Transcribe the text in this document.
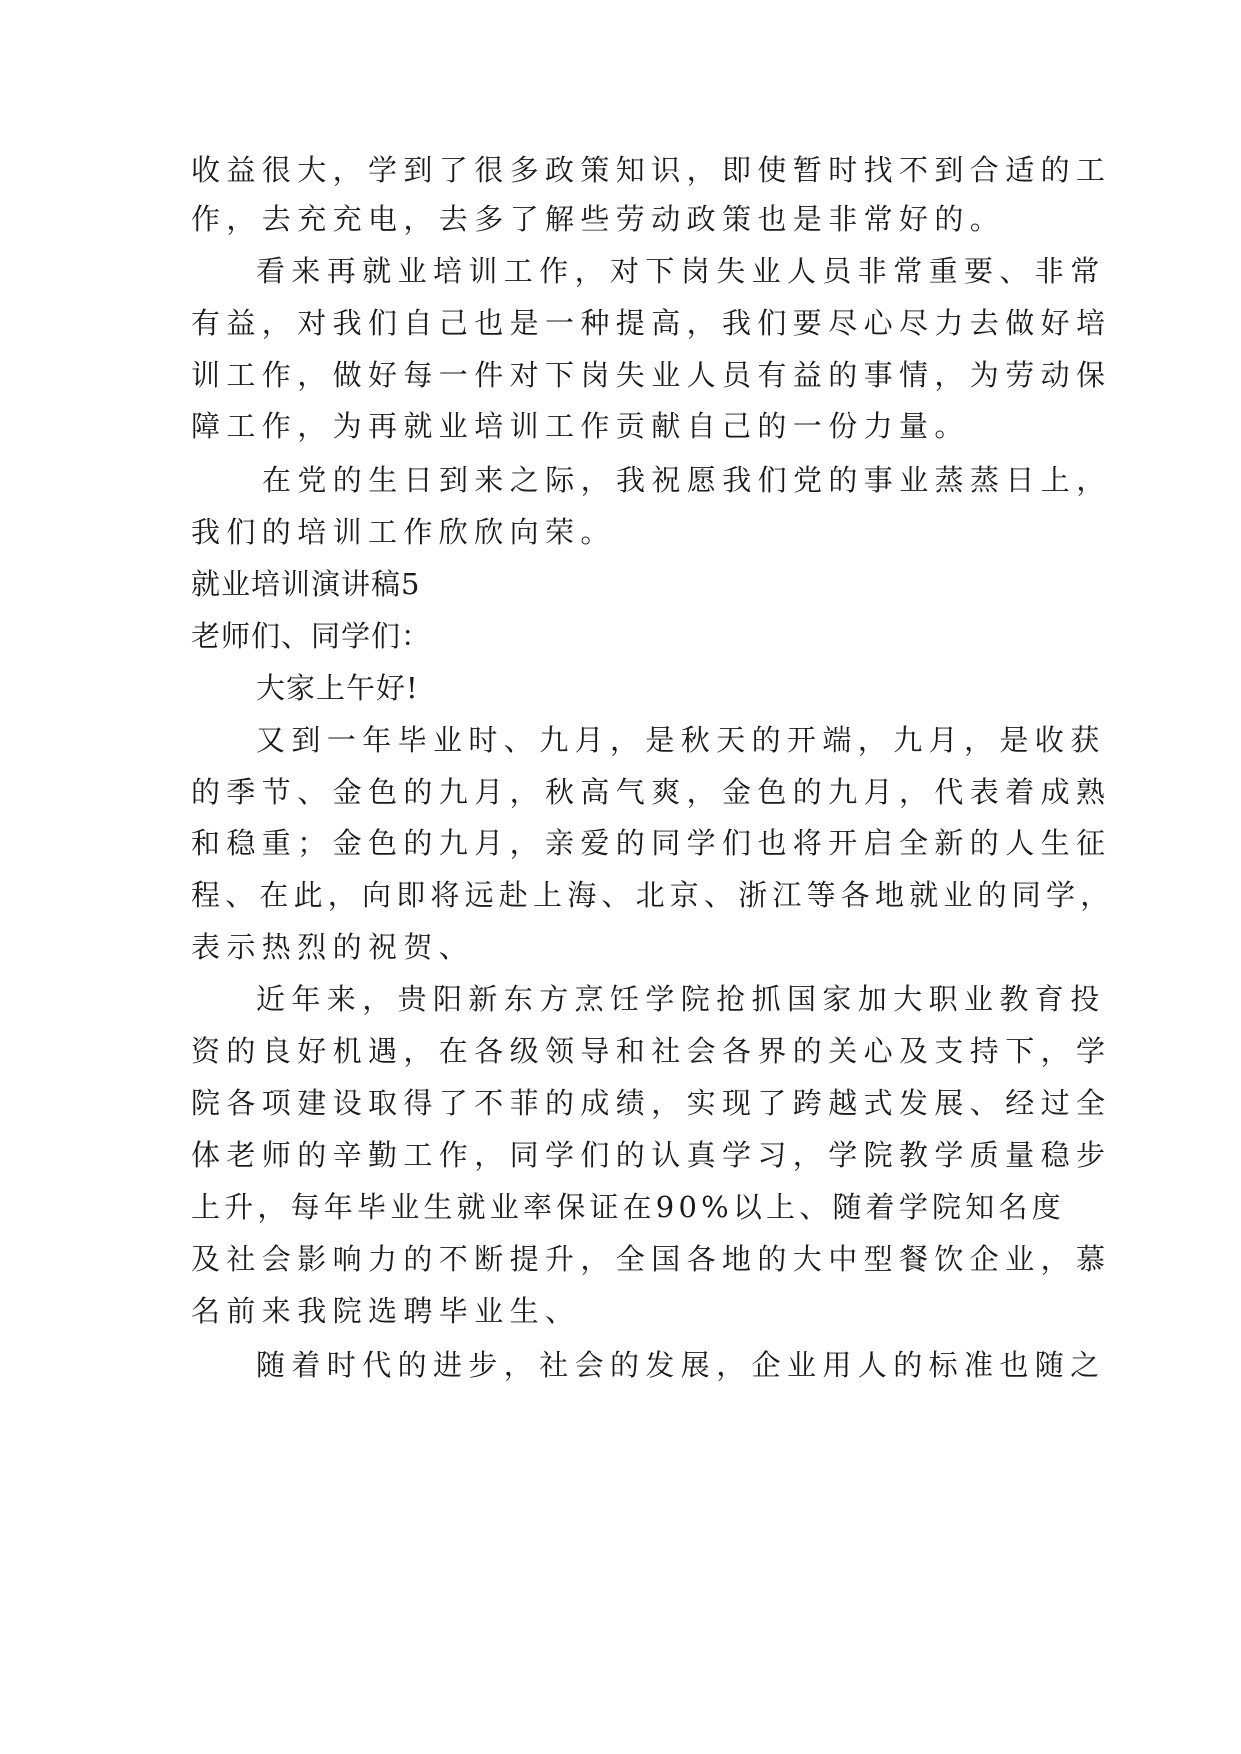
收益很大，学到了很多政策知识，即使暂时找不到合适的工

作，去充充电，去多了解些劳动政策也是非常好的。

看来再就业培训工作，对下岗失业人员非常重要、非常

有益，对我们自己也是一种提高，我们要尽心尽力去做好培

训工作，做好每一件对下岗失业人员有益的事情，为劳动保

障工作，为再就业培训工作贡献自己的一份力量。

在党的生日到来之际，我祝愿我们党的事业蒸蒸日上，

我们的培训工作欣欣向荣。

就业培训演讲稿5

老师们、同学们：

大家上午好!

又到一年毕业时、九月，是秋天的开端，九月，是收获

的季节、金色的九月，秋高气爽，金色的九月，代表着成熟

和稳重；金色的九月，亲爱的同学们也将开启全新的人生征

程、在此，向即将远赴上海、北京、浙江等各地就业的同学，

表示热烈的祝贺、

近年来，贵阳新东方烹饪学院抢抓国家加大职业教育投

资的良好机遇，在各级领导和社会各界的关心及支持下，学

院各项建设取得了不菲的成绩，实现了跨越式发展、经过全

体老师的辛勤工作，同学们的认真学习，学院教学质量稳步

上升，每年毕业生就业率保证在90%以上、随着学院知名度

及社会影响力的不断提升，全国各地的大中型餐饮企业，慕

名前来我院选聘毕业生、

随着时代的进步，社会的发展，企业用人的标准也随之
